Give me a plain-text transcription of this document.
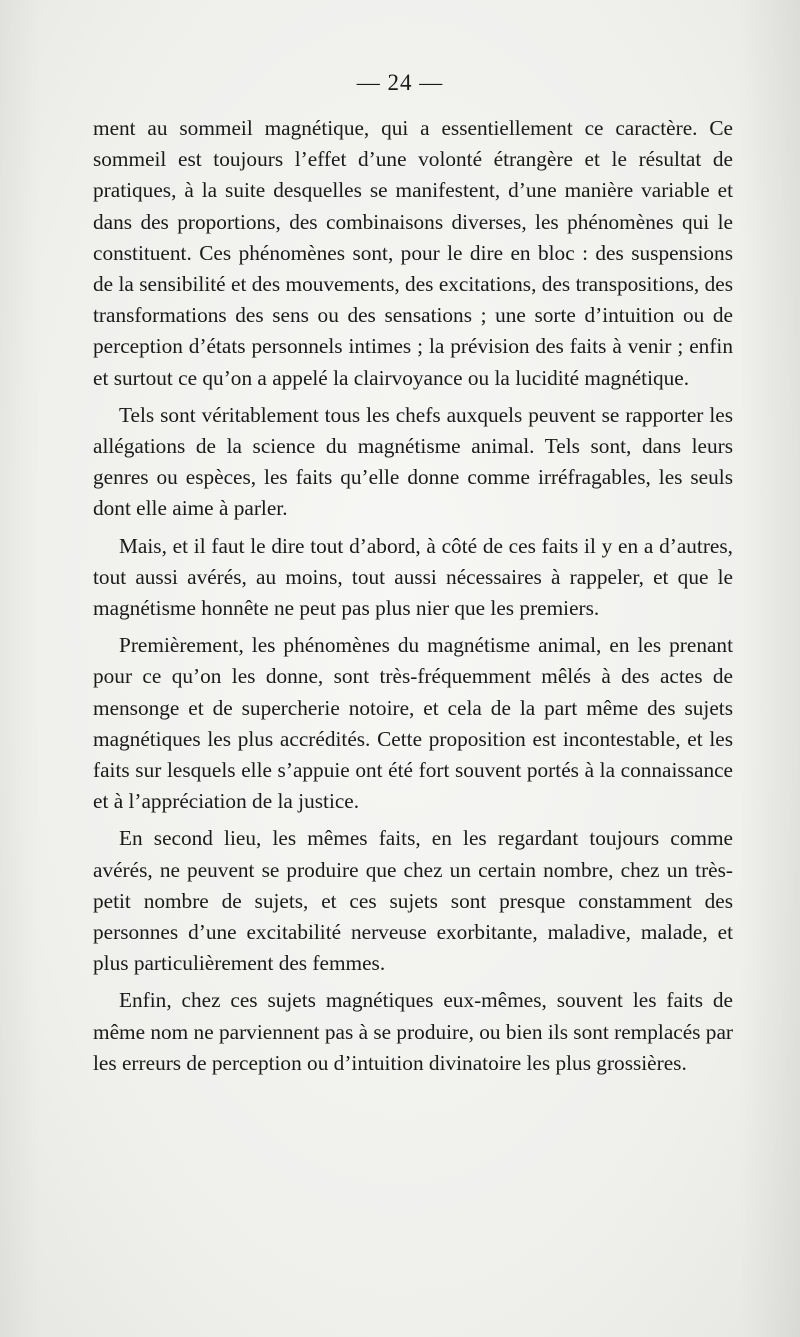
— 24 —

ment au sommeil magnétique, qui a essentiellement ce caractère. Ce sommeil est toujours l’effet d’une volonté étrangère et le résultat de pratiques, à la suite desquelles se manifestent, d’une manière variable et dans des proportions, des combinaisons diverses, les phénomènes qui le constituent. Ces phénomènes sont, pour le dire en bloc : des suspensions de la sensibilité et des mouvements, des excitations, des transpositions, des transformations des sens ou des sensations ; une sorte d’intuition ou de perception d’états personnels intimes ; la prévision des faits à venir ; enfin et surtout ce qu’on a appelé la clairvoyance ou la lucidité magnétique.

Tels sont véritablement tous les chefs auxquels peuvent se rapporter les allégations de la science du magnétisme animal. Tels sont, dans leurs genres ou espèces, les faits qu’elle donne comme irréfragables, les seuls dont elle aime à parler.

Mais, et il faut le dire tout d’abord, à côté de ces faits il y en a d’autres, tout aussi avérés, au moins, tout aussi nécessaires à rappeler, et que le magnétisme honnête ne peut pas plus nier que les premiers.

Premièrement, les phénomènes du magnétisme animal, en les prenant pour ce qu’on les donne, sont très-fréquemment mêlés à des actes de mensonge et de supercherie notoire, et cela de la part même des sujets magnétiques les plus accrédités. Cette proposition est incontestable, et les faits sur lesquels elle s’appuie ont été fort souvent portés à la connaissance et à l’appréciation de la justice.

En second lieu, les mêmes faits, en les regardant toujours comme avérés, ne peuvent se produire que chez un certain nombre, chez un très-petit nombre de sujets, et ces sujets sont presque constamment des personnes d’une excitabilité nerveuse exorbitante, maladive, malade, et plus particulièrement des femmes.

Enfin, chez ces sujets magnétiques eux-mêmes, souvent les faits de même nom ne parviennent pas à se produire, ou bien ils sont remplacés par les erreurs de perception ou d’intuition divinatoire les plus grossières.
